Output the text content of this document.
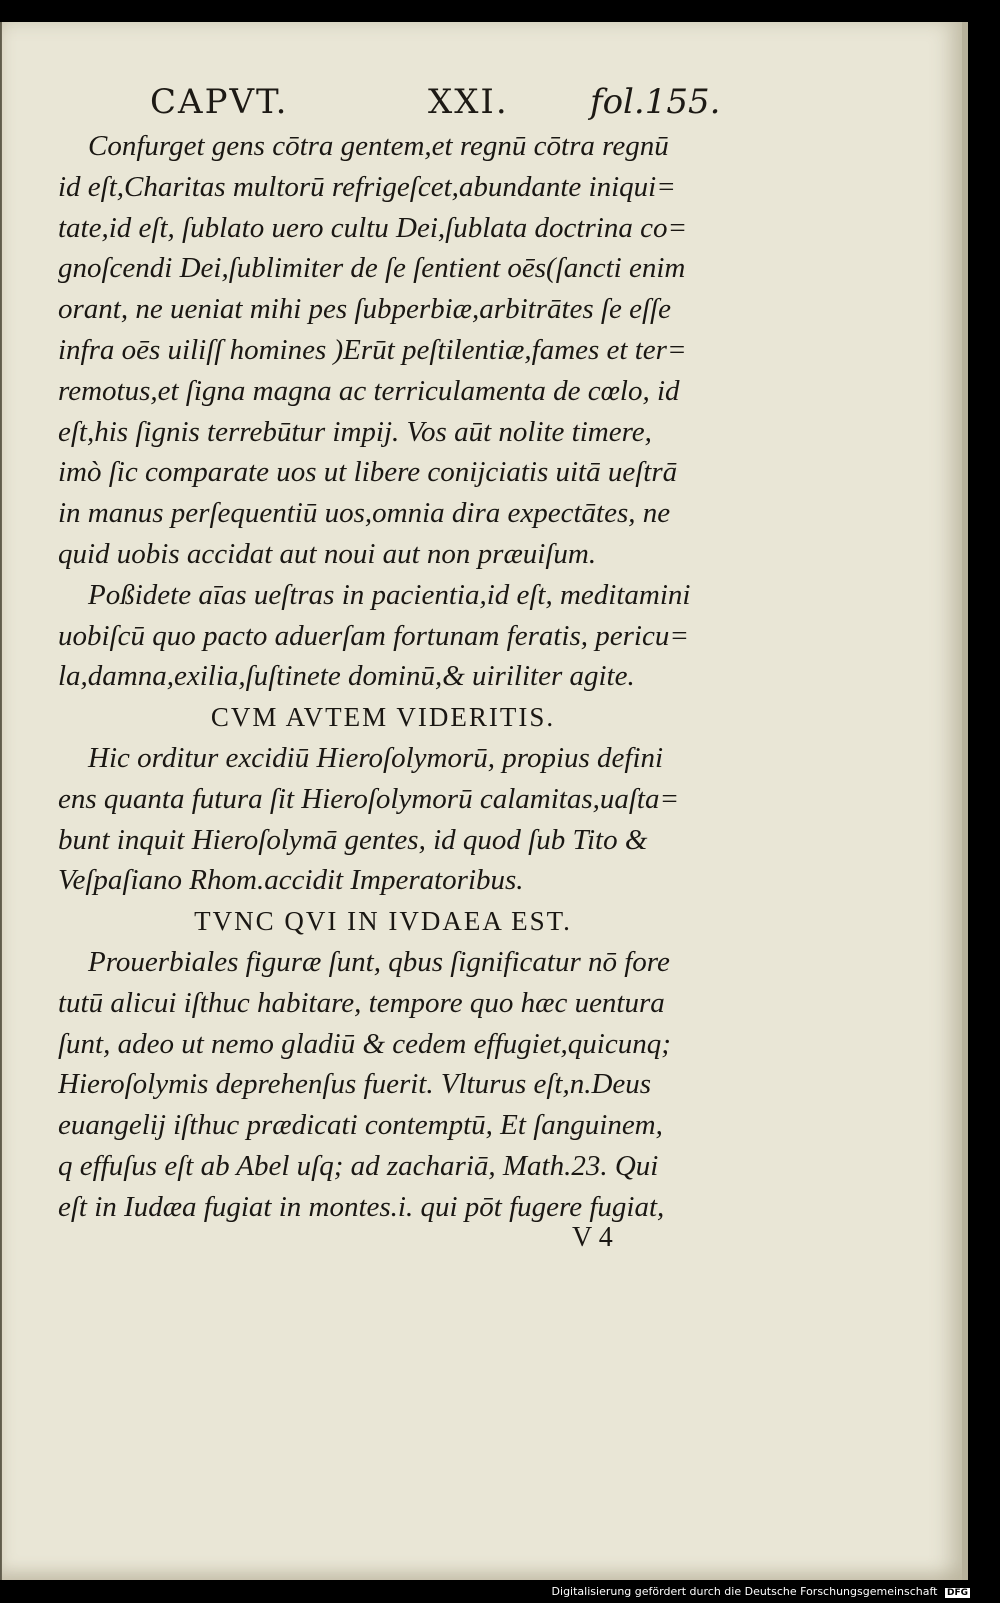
CAPVT.	XXI. fol.155.
Confurget gens cōtra gentem,et regnū cōtra regnū
id eſt,Charitas multorū refrigeſcet,abundante iniqui=
tate,id eſt, ſublato uero cultu Dei,ſublata doctrina co=
gnoſcendi Dei,ſublimiter de ſe ſentient oēs(ſancti enim
orant, ne ueniat mihi pes ſubperbiæ,arbitrātes ſe eſſe
infra oēs uiliſſ homines )Erūt peſtilentiæ,fames et ter=
remotus,et ſigna magna ac terriculamenta de cœlo, id
eſt,his ſignis terrebūtur impij. Vos aūt nolite timere,
imò ſic comparate uos ut libere conijciatis uitā ueſtrā
in manus perſequentiū uos,omnia dira expectātes, ne
quid uobis accidat aut noui aut non præuiſum.
Poßidete aīas ueſtras in pacientia,id eſt, meditamini
uobiſcū quo pacto aduerſam fortunam feratis, pericu=
la,damna,exilia,ſuſtinete dominū,& uiriliter agite.
CVM AVTEM VIDERITIS.
Hic orditur excidiū Hieroſolymorū, propius defini
ens quanta futura ſit Hieroſolymorū calamitas,uaſta=
bunt inquit Hieroſolymā gentes, id quod ſub Tito &
Veſpaſiano Rhom.accidit Imperatoribus.
TVNC QVI IN IVDAEA EST.
Prouerbiales figuræ ſunt, qbus ſignificatur nō fore
tutū alicui iſthuc habitare, tempore quo hæc uentura
ſunt, adeo ut nemo gladiū & cedem effugiet,quicunq;
Hieroſolymis deprehenſus fuerit. Vlturus eſt,n.Deus
euangelij iſthuc prædicati contemptū, Et ſanguinem,
q effuſus eſt ab Abel uſq; ad zachariā, Math.23. Qui
eſt in Iudæa fugiat in montes.i. qui pōt fugere fugiat,
V 4
Digitalisierung gefördert durch die Deutsche Forschungsgemeinschaft DFG
